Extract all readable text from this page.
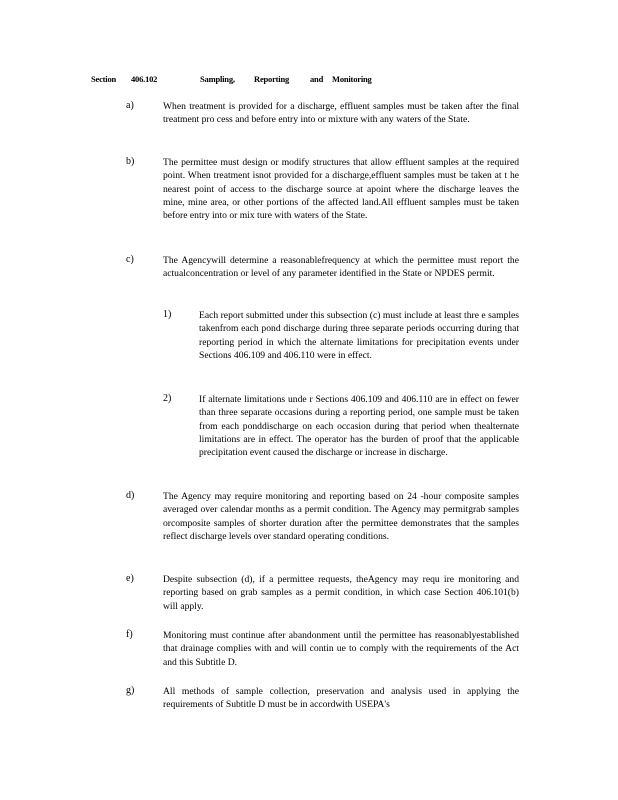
Section 406.102	Sampling, Reporting and Monitoring
a)	When treatment is provided for a discharge, effluent samples must be taken after the final treatment pro cess and before entry into or mixture with any waters of the State.
b)	The permittee must design or modify structures that allow effluent samples at the required point. When treatment isnot provided for a discharge,effluent samples must be taken at t he nearest point of access to the discharge source at apoint where the discharge leaves the mine, mine area, or other portions of the affected land.All effluent samples must be taken before entry into or mix ture with waters of the State.
c)	The Agencywill determine a reasonablefrequency at which the permittee must report the actualconcentration or level of any parameter identified in the State or NPDES permit.
1)	Each report submitted under this subsection (c) must include at least thre e samples takenfrom each pond discharge during three separate periods occurring during that reporting period in which the alternate limitations for precipitation events under Sections 406.109 and 406.110 were in effect.
2)	If alternate limitations unde r Sections 406.109 and 406.110 are in effect on fewer than three separate occasions during a reporting period, one sample must be taken from each ponddischarge on each occasion during that period when thealternate limitations are in effect. The operator has the burden of proof that the applicable precipitation event caused the discharge or increase in discharge.
d)	The Agency may require monitoring and reporting based on 24 -hour composite samples averaged over calendar months as a permit condition. The Agency may permitgrab samples orcomposite samples of shorter duration after the permittee demonstrates that the samples reflect discharge levels over standard operating conditions.
e)	Despite subsection (d), if a permittee requests, theAgency may requ ire monitoring and reporting based on grab samples as a permit condition, in which case Section 406.101(b) will apply.
f)	Monitoring must continue after abandonment until the permittee has reasonablyestablished that drainage complies with and will contin ue to comply with the requirements of the Act and this Subtitle D.
g)	All methods of sample collection, preservation and analysis used in applying the requirements of Subtitle D must be in accordwith USEPA's
